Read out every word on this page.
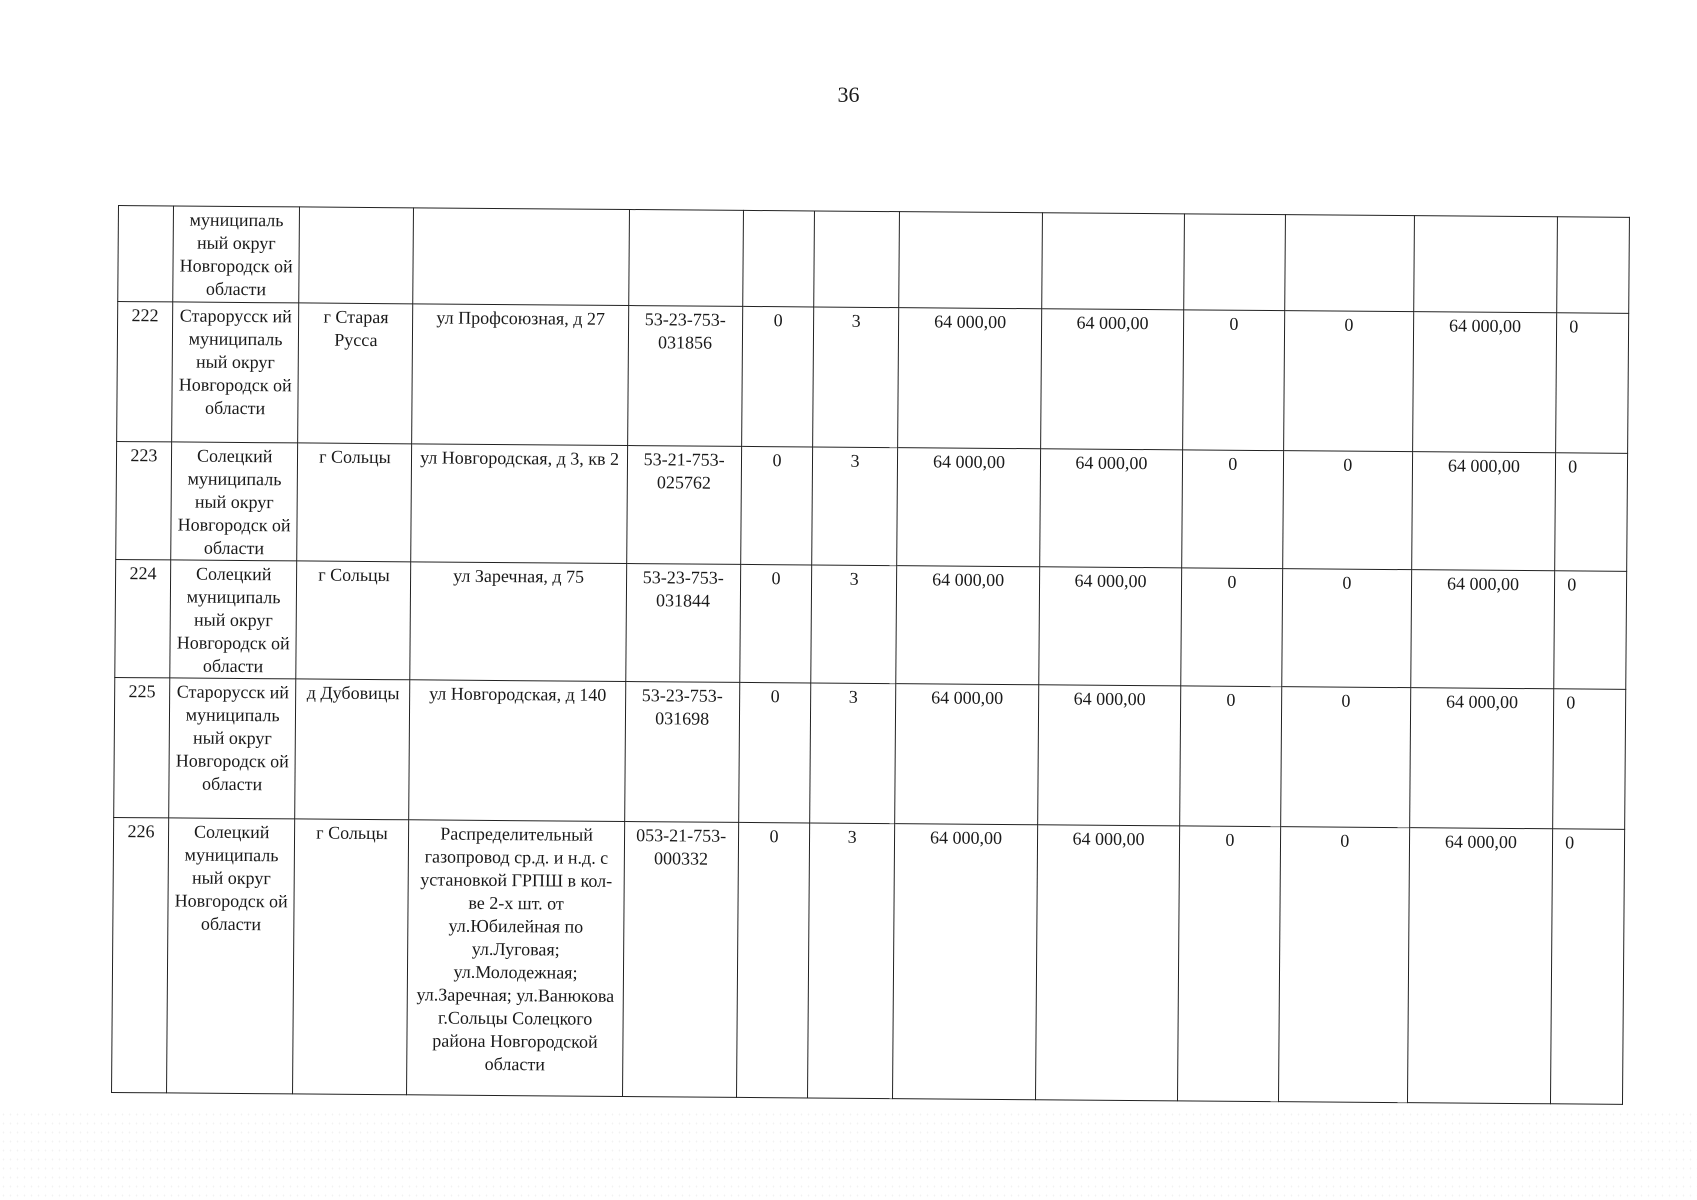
36
	муниципаль ный округ Новгородск ой области											
222	Старорусск ий муниципаль ный округ Новгородск ой области	г Старая Русса	ул Профсоюзная, д 27	53-23-753-031856	0	3	64 000,00	64 000,00	0	0	64 000,00	0
223	Солецкий муниципаль ный округ Новгородск ой области	г Сольцы	ул Новгородская, д 3, кв 2	53-21-753-025762	0	3	64 000,00	64 000,00	0	0	64 000,00	0
224	Солецкий муниципаль ный округ Новгородск ой области	г Сольцы	ул Заречная, д 75	53-23-753-031844	0	3	64 000,00	64 000,00	0	0	64 000,00	0
225	Старорусск ий муниципаль ный округ Новгородск ой области	д Дубовицы	ул Новгородская, д 140	53-23-753-031698	0	3	64 000,00	64 000,00	0	0	64 000,00	0
226	Солецкий муниципаль ный округ Новгородск ой области	г Сольцы	Распределительный газопровод ср.д. и н.д. с установкой ГРПШ в кол-ве 2-х шт. от ул.Юбилейная по ул.Луговая; ул.Молодежная; ул.Заречная; ул.Ванюкова г.Сольцы Солецкого района Новгородской области	053-21-753-000332	0	3	64 000,00	64 000,00	0	0	64 000,00	0
